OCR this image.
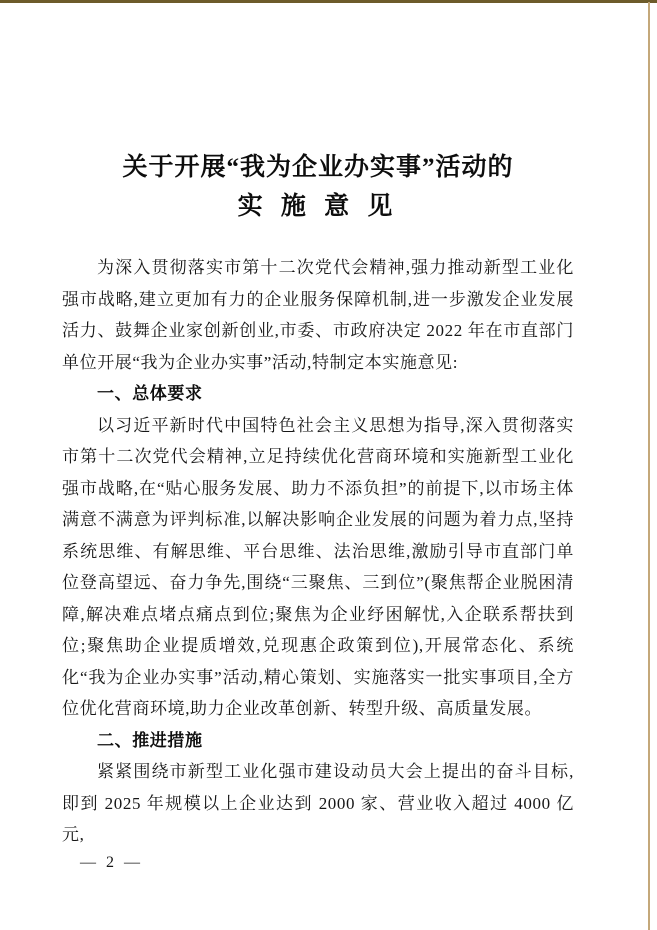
关于开展“我为企业办实事”活动的
实 施 意 见

为深入贯彻落实市第十二次党代会精神,强力推动新型工业化强市战略,建立更加有力的企业服务保障机制,进一步激发企业发展活力、鼓舞企业家创新创业,市委、市政府决定 2022 年在市直部门单位开展“我为企业办实事”活动,特制定本实施意见:

一、总体要求

以习近平新时代中国特色社会主义思想为指导,深入贯彻落实市第十二次党代会精神,立足持续优化营商环境和实施新型工业化强市战略,在“贴心服务发展、助力不添负担”的前提下,以市场主体满意不满意为评判标准,以解决影响企业发展的问题为着力点,坚持系统思维、有解思维、平台思维、法治思维,激励引导市直部门单位登高望远、奋力争先,围绕“三聚焦、三到位”(聚焦帮企业脱困清障,解决难点堵点痛点到位;聚焦为企业纾困解忧,入企联系帮扶到位;聚焦助企业提质增效,兑现惠企政策到位),开展常态化、系统化“我为企业办实事”活动,精心策划、实施落实一批实事项目,全方位优化营商环境,助力企业改革创新、转型升级、高质量发展。

二、推进措施

紧紧围绕市新型工业化强市建设动员大会上提出的奋斗目标,即到 2025 年规模以上企业达到 2000 家、营业收入超过 4000 亿元,

— 2 —
